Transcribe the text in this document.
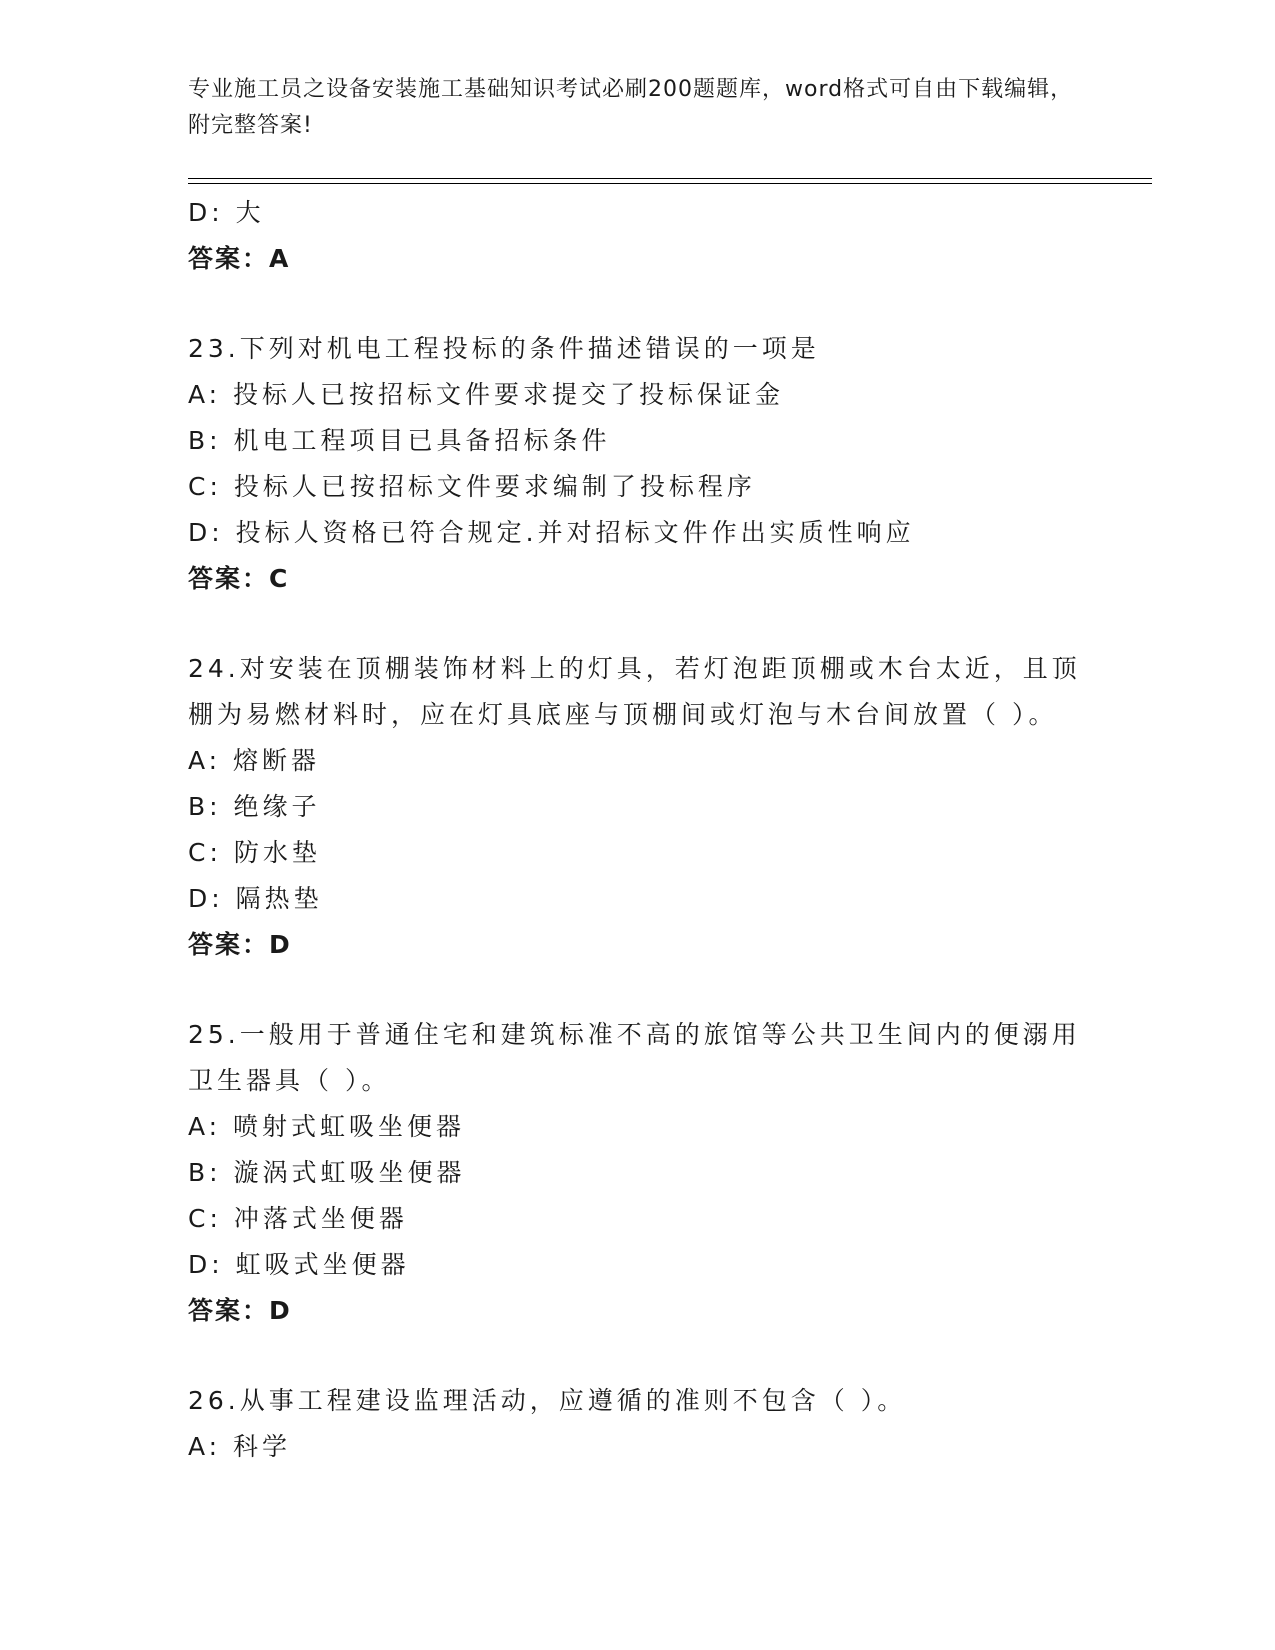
专业施工员之设备安装施工基础知识考试必刷200题题库，word格式可自由下载编辑，附完整答案!
D: 大
答案：A
23.下列对机电工程投标的条件描述错误的一项是
A: 投标人已按招标文件要求提交了投标保证金
B: 机电工程项目已具备招标条件
C: 投标人已按招标文件要求编制了投标程序
D: 投标人资格已符合规定.并对招标文件作出实质性响应
答案：C
24.对安装在顶棚装饰材料上的灯具，若灯泡距顶棚或木台太近，且顶
棚为易燃材料时，应在灯具底座与顶棚间或灯泡与木台间放置（ ）。
A: 熔断器
B: 绝缘子
C: 防水垫
D: 隔热垫
答案：D
25.一般用于普通住宅和建筑标准不高的旅馆等公共卫生间内的便溺用
卫生器具（ ）。
A: 喷射式虹吸坐便器
B: 漩涡式虹吸坐便器
C: 冲落式坐便器
D: 虹吸式坐便器
答案：D
26.从事工程建设监理活动，应遵循的准则不包含（ ）。
A: 科学
